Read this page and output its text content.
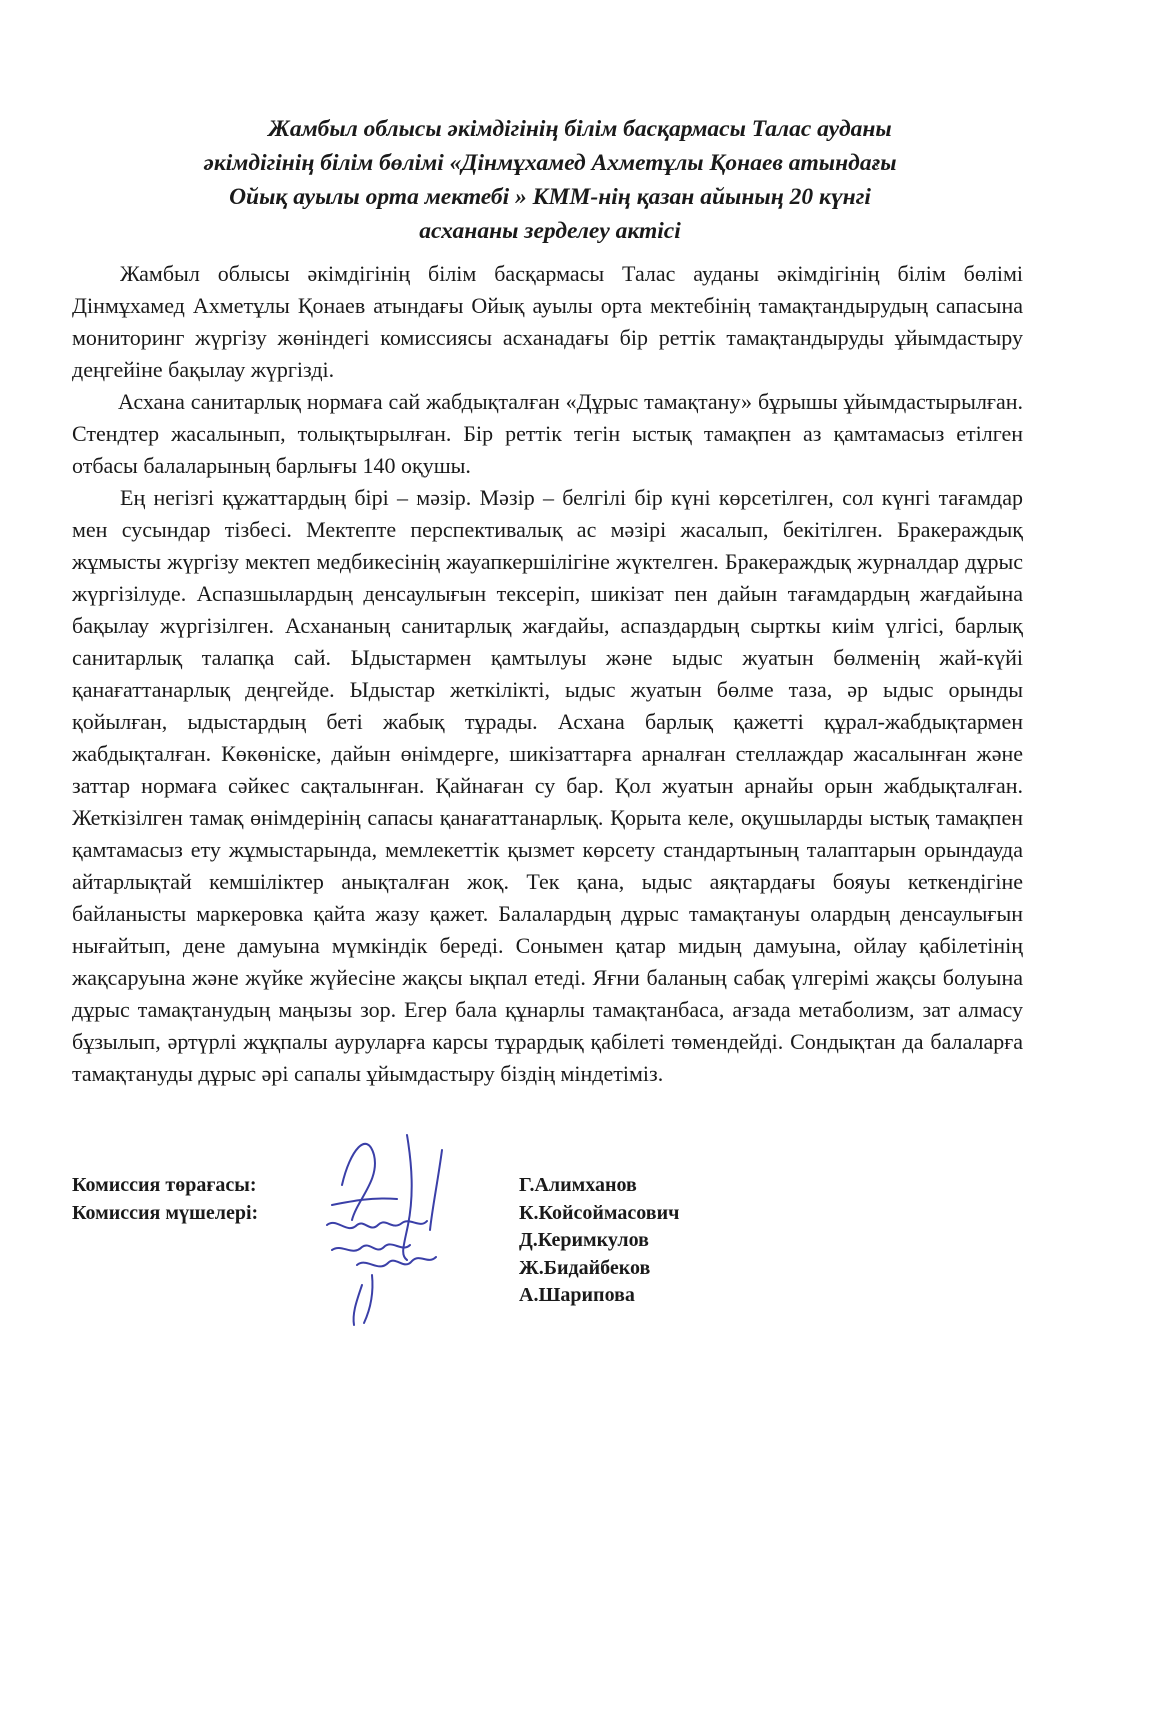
Жамбыл облысы әкімдігінің білім басқармасы Талас ауданы
әкімдігінің білім бөлімі «Дінмұхамед Ахметұлы Қонаев атындағы
Ойық ауылы орта мектебі » КММ-нің қазан айының 20 күнгі
асхананы зерделеу актісі

Жамбыл облысы әкімдігінің білім басқармасы Талас ауданы әкімдігінің білім бөлімі Дінмұхамед Ахметұлы Қонаев атындағы Ойық ауылы орта мектебінің тамақтандырудың сапасына мониторинг жүргізу жөніндегі комиссиясы асханадағы бір реттік тамақтандыруды ұйымдастыру деңгейіне бақылау жүргізді.

Асхана санитарлық нормаға сай жабдықталған «Дұрыс тамақтану» бұрышы ұйымдастырылған. Стендтер жасалынып, толықтырылған. Бір реттік тегін ыстық тамақпен аз қамтамасыз етілген отбасы балаларының барлығы 140 оқушы.

Ең негізгі құжаттардың бірі – мәзір. Мәзір – белгілі бір күні көрсетілген, сол күнгі тағамдар мен сусындар тізбесі. Мектепте перспективалық ас мәзірі жасалып, бекітілген. Бракераждық жұмысты жүргізу мектеп медбикесінің жауапкершілігіне жүктелген. Бракераждық журналдар дұрыс жүргізілуде. Аспазшылардың денсаулығын тексеріп, шикізат пен дайын тағамдардың жағдайына бақылау жүргізілген. Асхананың санитарлық жағдайы, аспаздардың сырткы киім үлгісі, барлық санитарлық талапқа сай. Ыдыстармен қамтылуы және ыдыс жуатын бөлменің жай-күйі қанағаттанарлық деңгейде. Ыдыстар жеткілікті, ыдыс жуатын бөлме таза, әр ыдыс орынды қойылған, ыдыстардың беті жабық тұрады. Асхана барлық қажетті құрал-жабдықтармен жабдықталған. Көкөніске, дайын өнімдерге, шикізаттарға арналған стеллаждар жасалынған және заттар нормаға сәйкес сақталынған. Қайнаған су бар. Қол жуатын арнайы орын жабдықталған. Жеткізілген тамақ өнімдерінің сапасы қанағаттанарлық. Қорыта келе, оқушыларды ыстық тамақпен қамтамасыз ету жұмыстарында, мемлекеттік қызмет көрсету стандартының талаптарын орындауда айтарлықтай кемшіліктер анықталған жоқ. Тек қана, ыдыс аяқтардағы бояуы кеткендігіне байланысты маркеровка қайта жазу қажет. Балалардың дұрыс тамақтануы олардың денсаулығын нығайтып, дене дамуына мүмкіндік береді. Сонымен қатар мидың дамуына, ойлау қабілетінің жақсаруына және жүйке жүйесіне жақсы ықпал етеді. Яғни баланың сабақ үлгерімі жақсы болуына дұрыс тамақтанудың маңызы зор. Егер бала құнарлы тамақтанбаса, ағзада метаболизм, зат алмасу бұзылып, әртүрлі жұқпалы ауруларға карсы тұрардық қабілеті төмендейді. Сондықтан да балаларға тамақтануды дұрыс әрі сапалы ұйымдастыру біздің міндетіміз.

Комиссия төрағасы:
Комиссия мүшелері:
Г.Алимханов
К.Койсоймасович
Д.Керимкулов
Ж.Бидайбеков
А.Шарипова
